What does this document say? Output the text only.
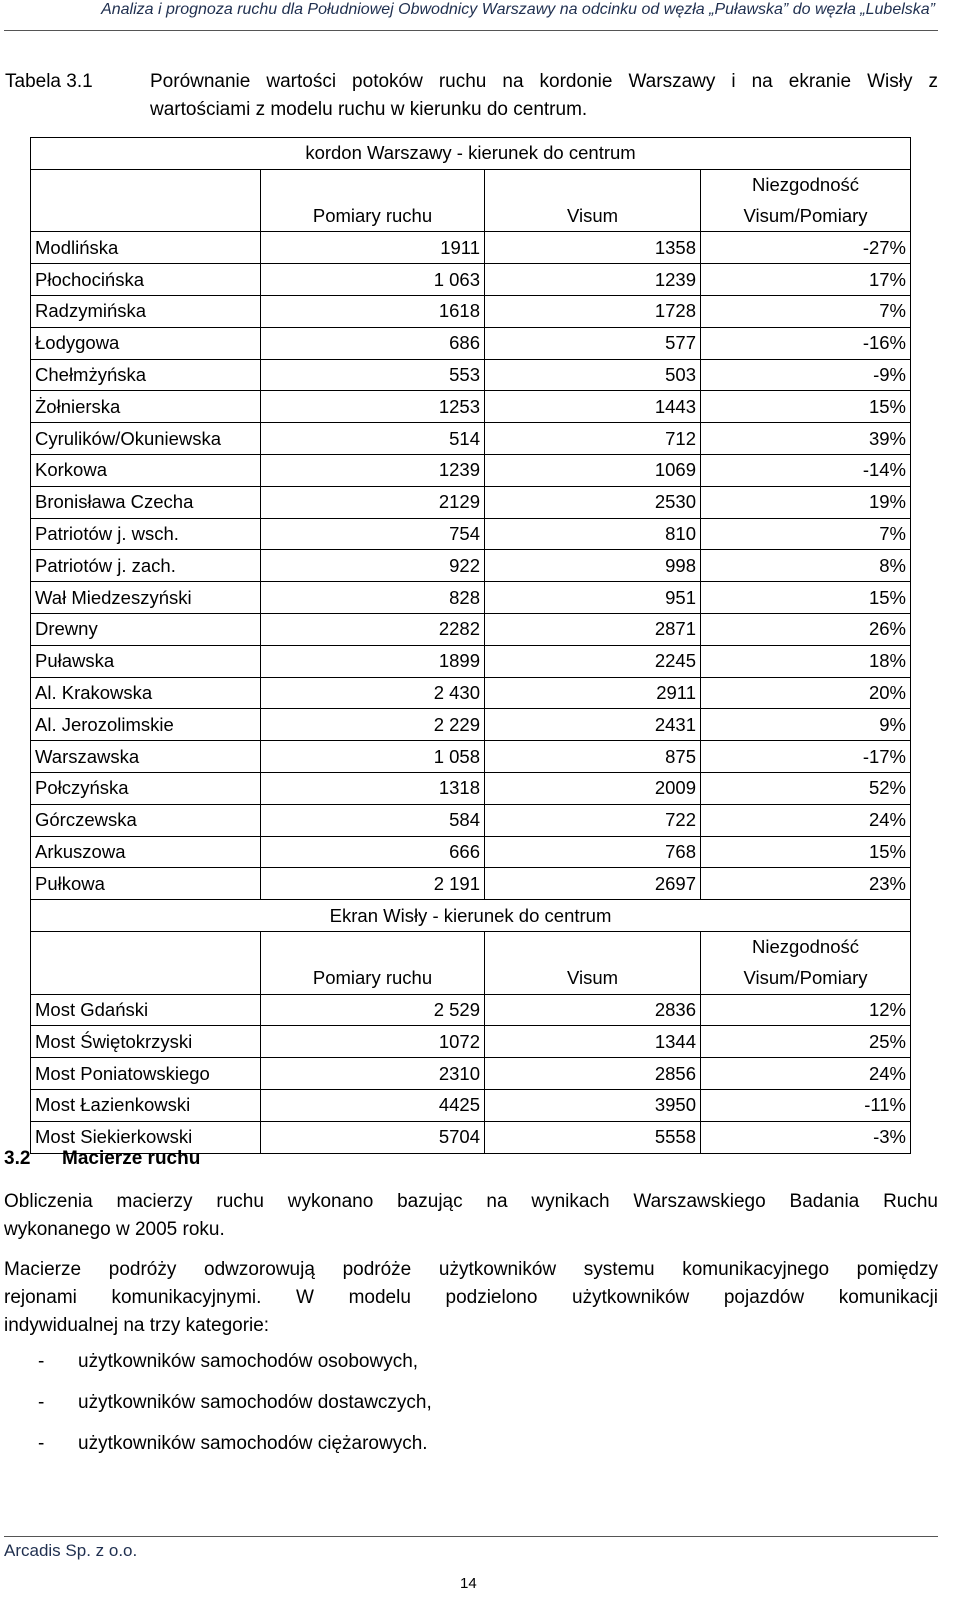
Analiza i prognoza ruchu dla Południowej Obwodnicy Warszawy na odcinku od węzła „Puławska” do węzła „Lubelska”
Tabela 3.1	Porównanie wartości potoków ruchu na kordonie Warszawy i na ekranie Wisły z
wartościami z modelu ruchu w kierunku do centrum.
kordon Warszawy - kierunek do centrum			
			Niezgodność
	Pomiary ruchu	Visum	Visum/Pomiary
Modlińska	1911	1358	-27%
Płochocińska	1 063	1239	17%
Radzymińska	1618	1728	7%
Łodygowa	686	577	-16%
Chełmżyńska	553	503	-9%
Żołnierska	1253	1443	15%
Cyrulików/Okuniewska	514	712	39%
Korkowa	1239	1069	-14%
Bronisława Czecha	2129	2530	19%
Patriotów j. wsch.	754	810	7%
Patriotów j. zach.	922	998	8%
Wał Miedzeszyński	828	951	15%
Drewny	2282	2871	26%
Puławska	1899	2245	18%
Al. Krakowska	2 430	2911	20%
Al. Jerozolimskie	2 229	2431	9%
Warszawska	1 058	875	-17%
Połczyńska	1318	2009	52%
Górczewska	584	722	24%
Arkuszowa	666	768	15%
Pułkowa	2 191	2697	23%
Ekran Wisły - kierunek do centrum			
			Niezgodność
	Pomiary ruchu	Visum	Visum/Pomiary
Most Gdański	2 529	2836	12%
Most Świętokrzyski	1072	1344	25%
Most Poniatowskiego	2310	2856	24%
Most Łazienkowski	4425	3950	-11%
Most Siekierkowski	5704	5558	-3%
3.2 Macierze ruchu
Obliczenia macierzy ruchu wykonano bazując na wynikach Warszawskiego Badania Ruchu
wykonanego w 2005 roku.
Macierze podróży odwzorowują podróże użytkowników systemu komunikacyjnego pomiędzy
rejonami komunikacyjnymi. W modelu podzielono użytkowników pojazdów komunikacji
indywidualnej na trzy kategorie:
- użytkowników samochodów osobowych,
- użytkowników samochodów dostawczych,
- użytkowników samochodów ciężarowych.
Arcadis Sp. z o.o.
14
